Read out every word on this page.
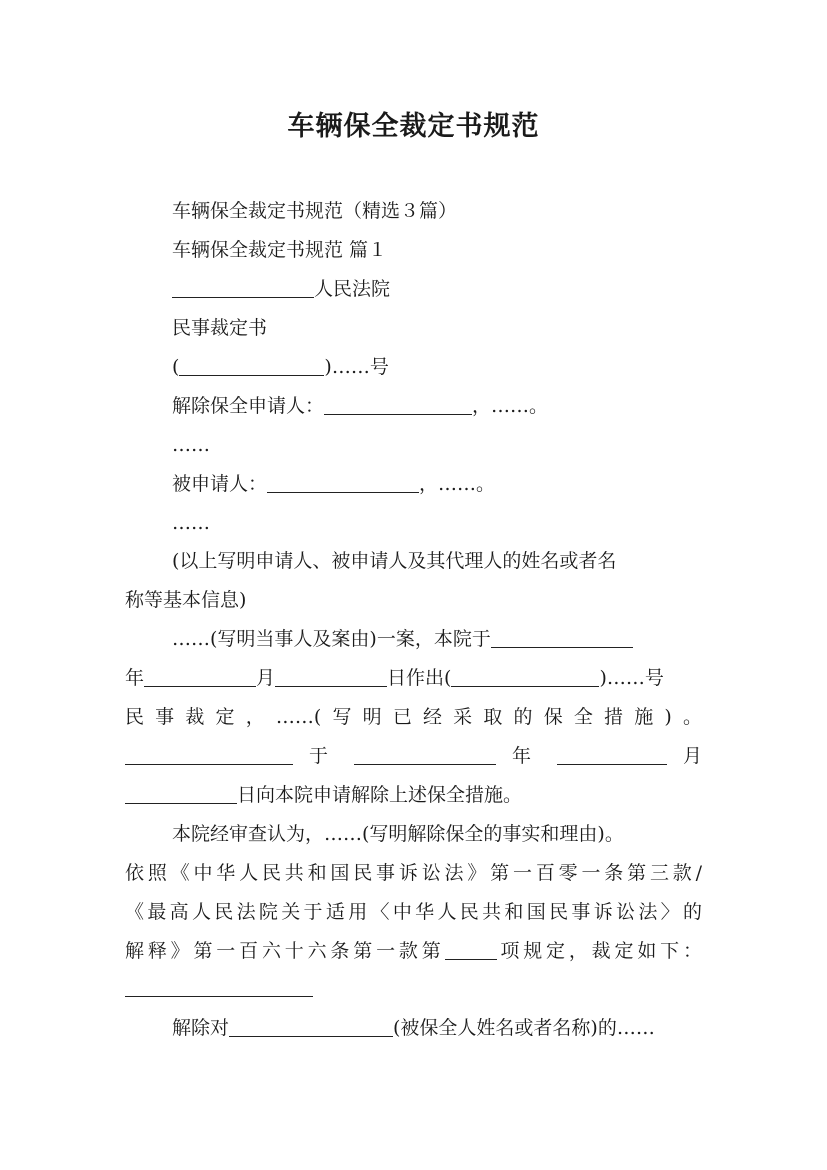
车辆保全裁定书规范

车辆保全裁定书规范（精选３篇）

车辆保全裁定书规范 篇１

人民法院

民事裁定书

(	)……号

解除保全申请人：	，……。

……

被申请人：	，……。

……

(以上写明申请人、被申请人及其代理人的姓名或者名

称等基本信息)

……(写明当事人及案由)一案，本院于

年	月	日作出(	)……号

民事裁定，……(写明已经采取的保全措施)。

于	年	月

日向本院申请解除上述保全措施。

本院经审查认为，……(写明解除保全的事实和理由)。

依照《中华人民共和国民事诉讼法》第一百零一条第三款/

《最高人民法院关于适用〈中华人民共和国民事诉讼法〉的

解释》第一百六十六条第一款第	项规定，裁定如下：

解除对	(被保全人姓名或者名称)的……
